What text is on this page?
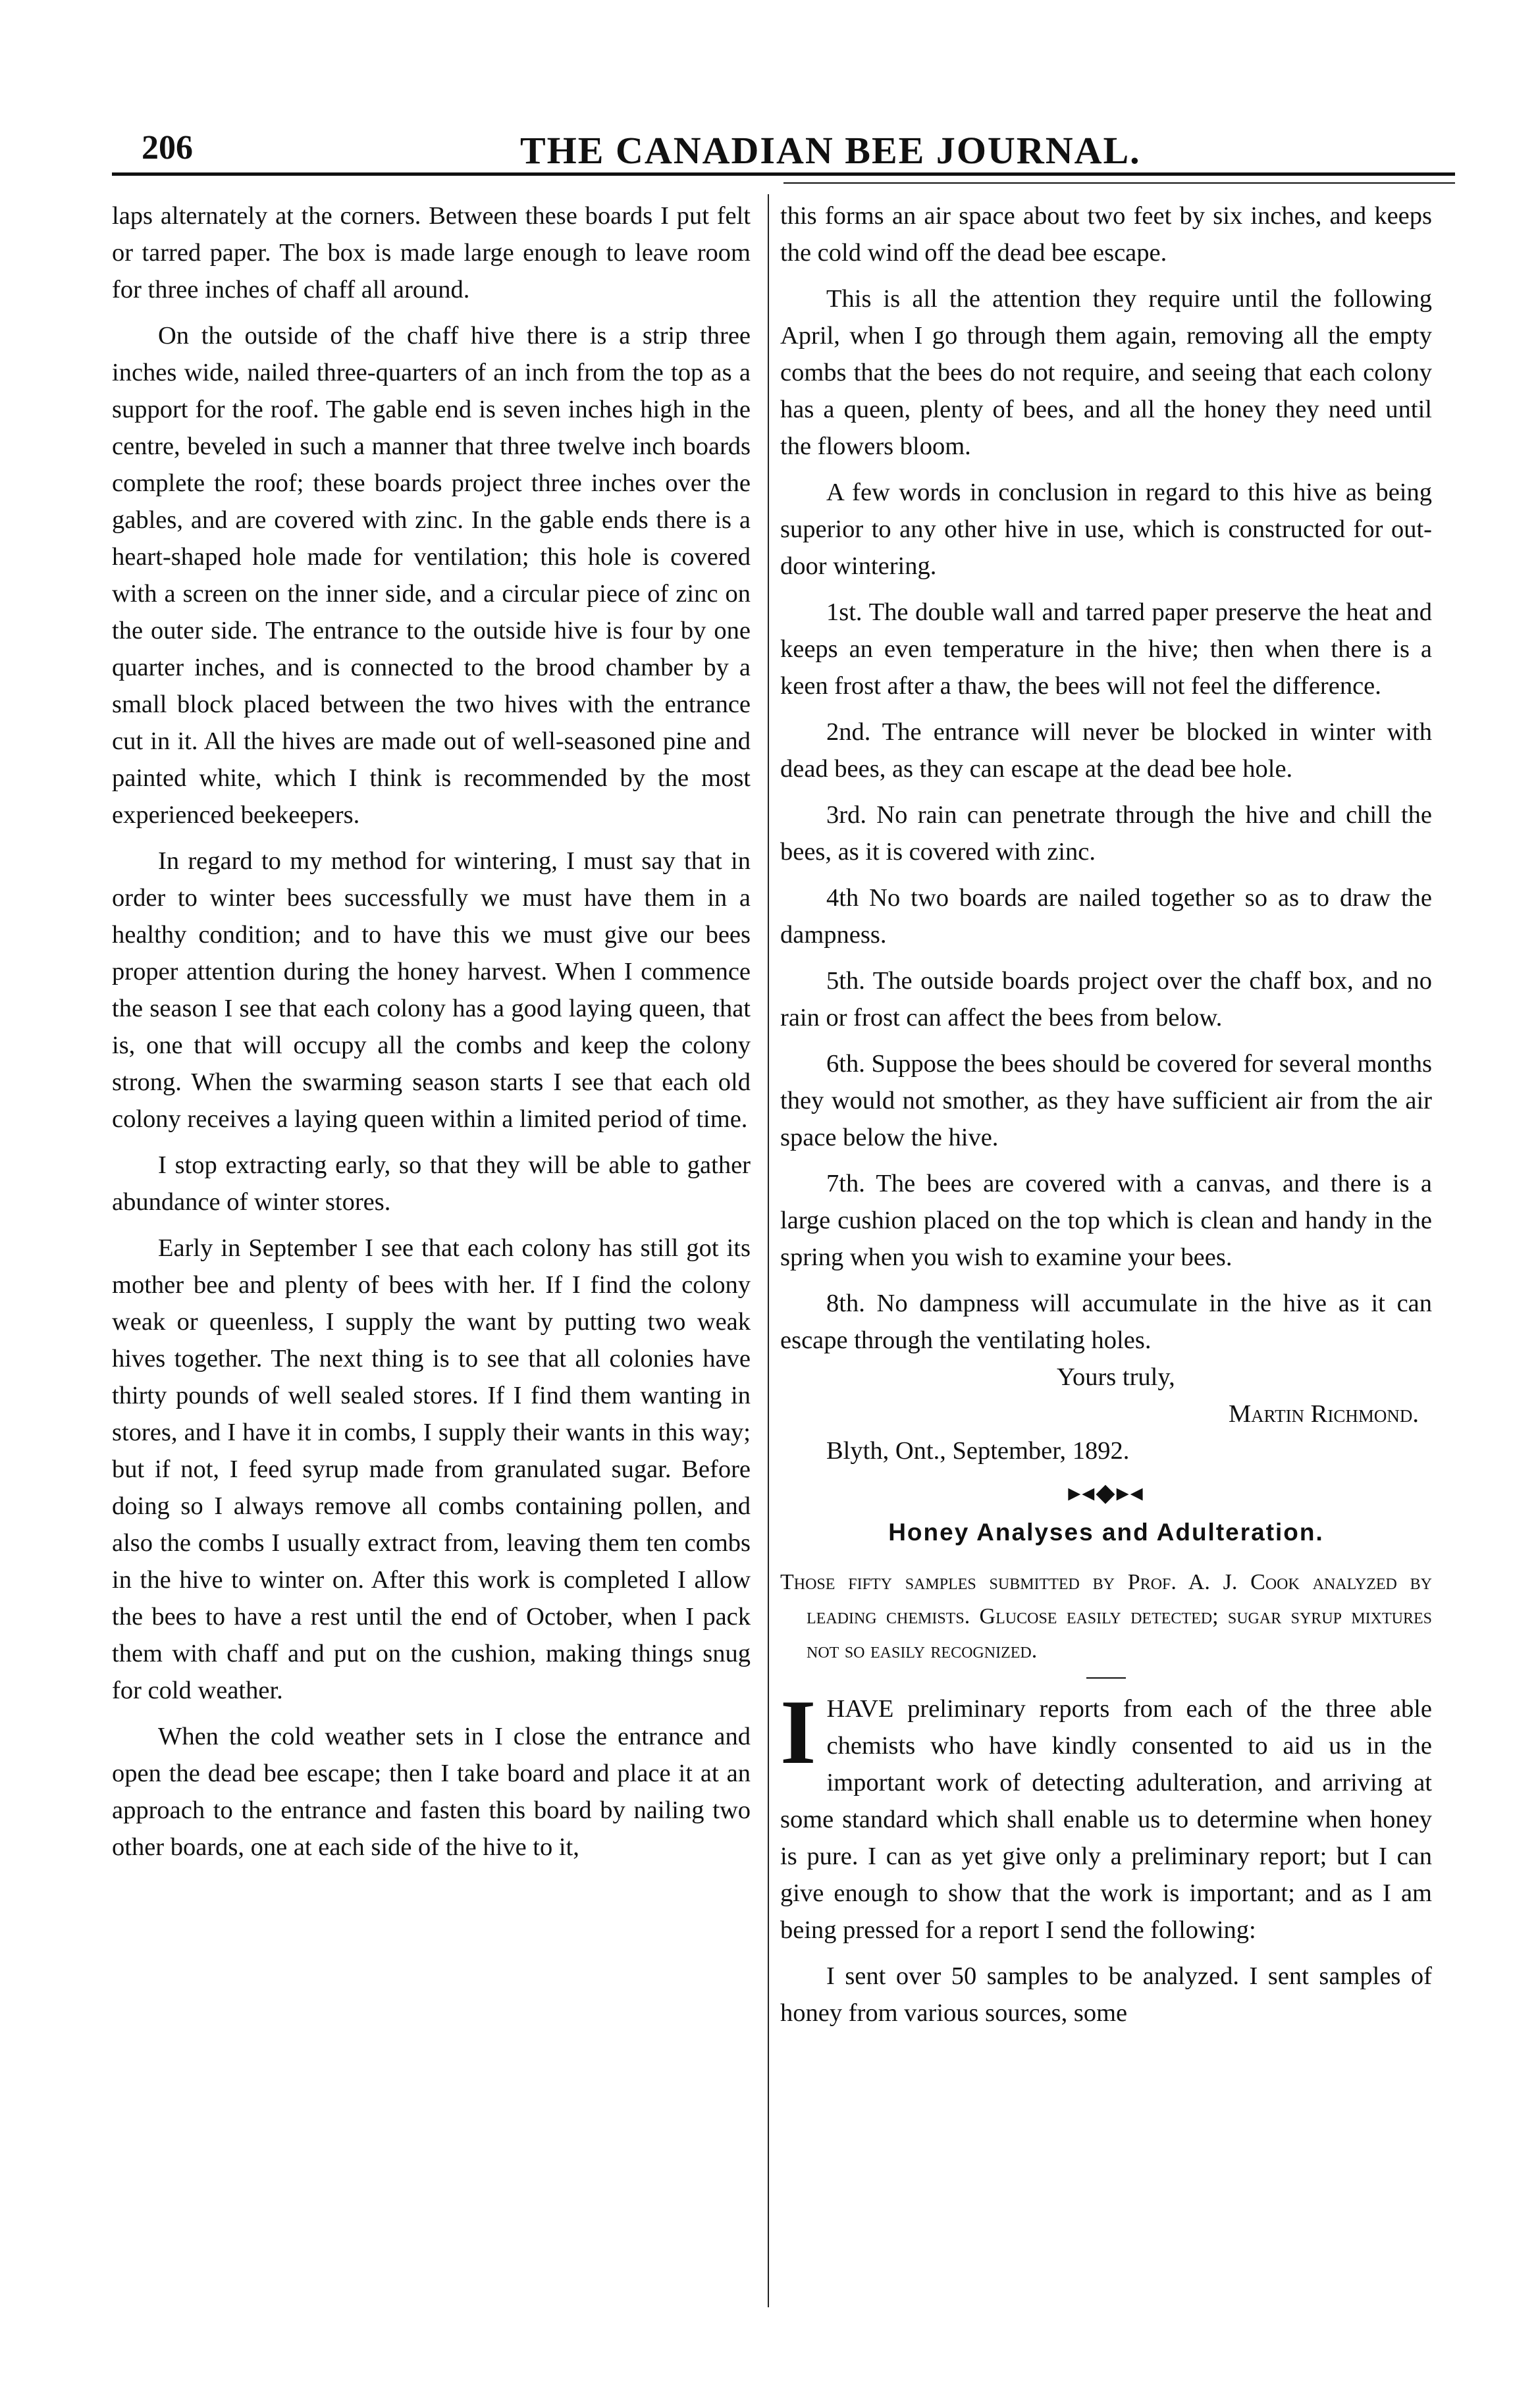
206	THE CANADIAN BEE JOURNAL.

laps alternately at the corners. Between these boards I put felt or tarred paper. The box is made large enough to leave room for three inches of chaff all around.

On the outside of the chaff hive there is a strip three inches wide, nailed three-quarters of an inch from the top as a support for the roof. The gable end is seven inches high in the centre, beveled in such a manner that three twelve inch boards complete the roof; these boards project three inches over the gables, and are covered with zinc. In the gable ends there is a heart-shaped hole made for ventilation; this hole is covered with a screen on the inner side, and a circular piece of zinc on the outer side. The entrance to the outside hive is four by one quarter inches, and is connected to the brood chamber by a small block placed between the two hives with the entrance cut in it. All the hives are made out of well-seasoned pine and painted white, which I think is recommended by the most experienced beekeepers.

In regard to my method for wintering, I must say that in order to winter bees successfully we must have them in a healthy condition; and to have this we must give our bees proper attention during the honey harvest. When I commence the season I see that each colony has a good laying queen, that is, one that will occupy all the combs and keep the colony strong. When the swarming season starts I see that each old colony receives a laying queen within a limited period of time.

I stop extracting early, so that they will be able to gather abundance of winter stores.

Early in September I see that each colony has still got its mother bee and plenty of bees with her. If I find the colony weak or queenless, I supply the want by putting two weak hives together. The next thing is to see that all colonies have thirty pounds of well sealed stores. If I find them wanting in stores, and I have it in combs, I supply their wants in this way; but if not, I feed syrup made from granulated sugar. Before doing so I always remove all combs containing pollen, and also the combs I usually extract from, leaving them ten combs in the hive to winter on. After this work is completed I allow the bees to have a rest until the end of October, when I pack them with chaff and put on the cushion, making things snug for cold weather.

When the cold weather sets in I close the entrance and open the dead bee escape; then I take board and place it at an approach to the entrance and fasten this board by nailing two other boards, one at each side of the hive to it,

this forms an air space about two feet by six inches, and keeps the cold wind off the dead bee escape.

This is all the attention they require until the following April, when I go through them again, removing all the empty combs that the bees do not require, and seeing that each colony has a queen, plenty of bees, and all the honey they need until the flowers bloom.

A few words in conclusion in regard to this hive as being superior to any other hive in use, which is constructed for out-door wintering.

1st. The double wall and tarred paper preserve the heat and keeps an even temperature in the hive; then when there is a keen frost after a thaw, the bees will not feel the difference.

2nd. The entrance will never be blocked in winter with dead bees, as they can escape at the dead bee hole.

3rd. No rain can penetrate through the hive and chill the bees, as it is covered with zinc.

4th No two boards are nailed together so as to draw the dampness.

5th. The outside boards project over the chaff box, and no rain or frost can affect the bees from below.

6th. Suppose the bees should be covered for several months they would not smother, as they have sufficient air from the air space below the hive.

7th. The bees are covered with a canvas, and there is a large cushion placed on the top which is clean and handy in the spring when you wish to examine your bees.

8th. No dampness will accumulate in the hive as it can escape through the ventilating holes.

Yours truly,

Martin Richmond.

Blyth, Ont., September, 1892.

▸◂◆▸◂
Honey Analyses and Adulteration.

Those fifty samples submitted by Prof. A. J. Cook analyzed by leading chemists. Glucose easily detected; sugar syrup mixtures not so easily recognized.

IHAVE preliminary reports from each of the three able chemists who have kindly consented to aid us in the important work of detecting adulteration, and arriving at some standard which shall enable us to determine when honey is pure. I can as yet give only a preliminary report; but I can give enough to show that the work is important; and as I am being pressed for a report I send the following:

I sent over 50 samples to be analyzed. I sent samples of honey from various sources, some
